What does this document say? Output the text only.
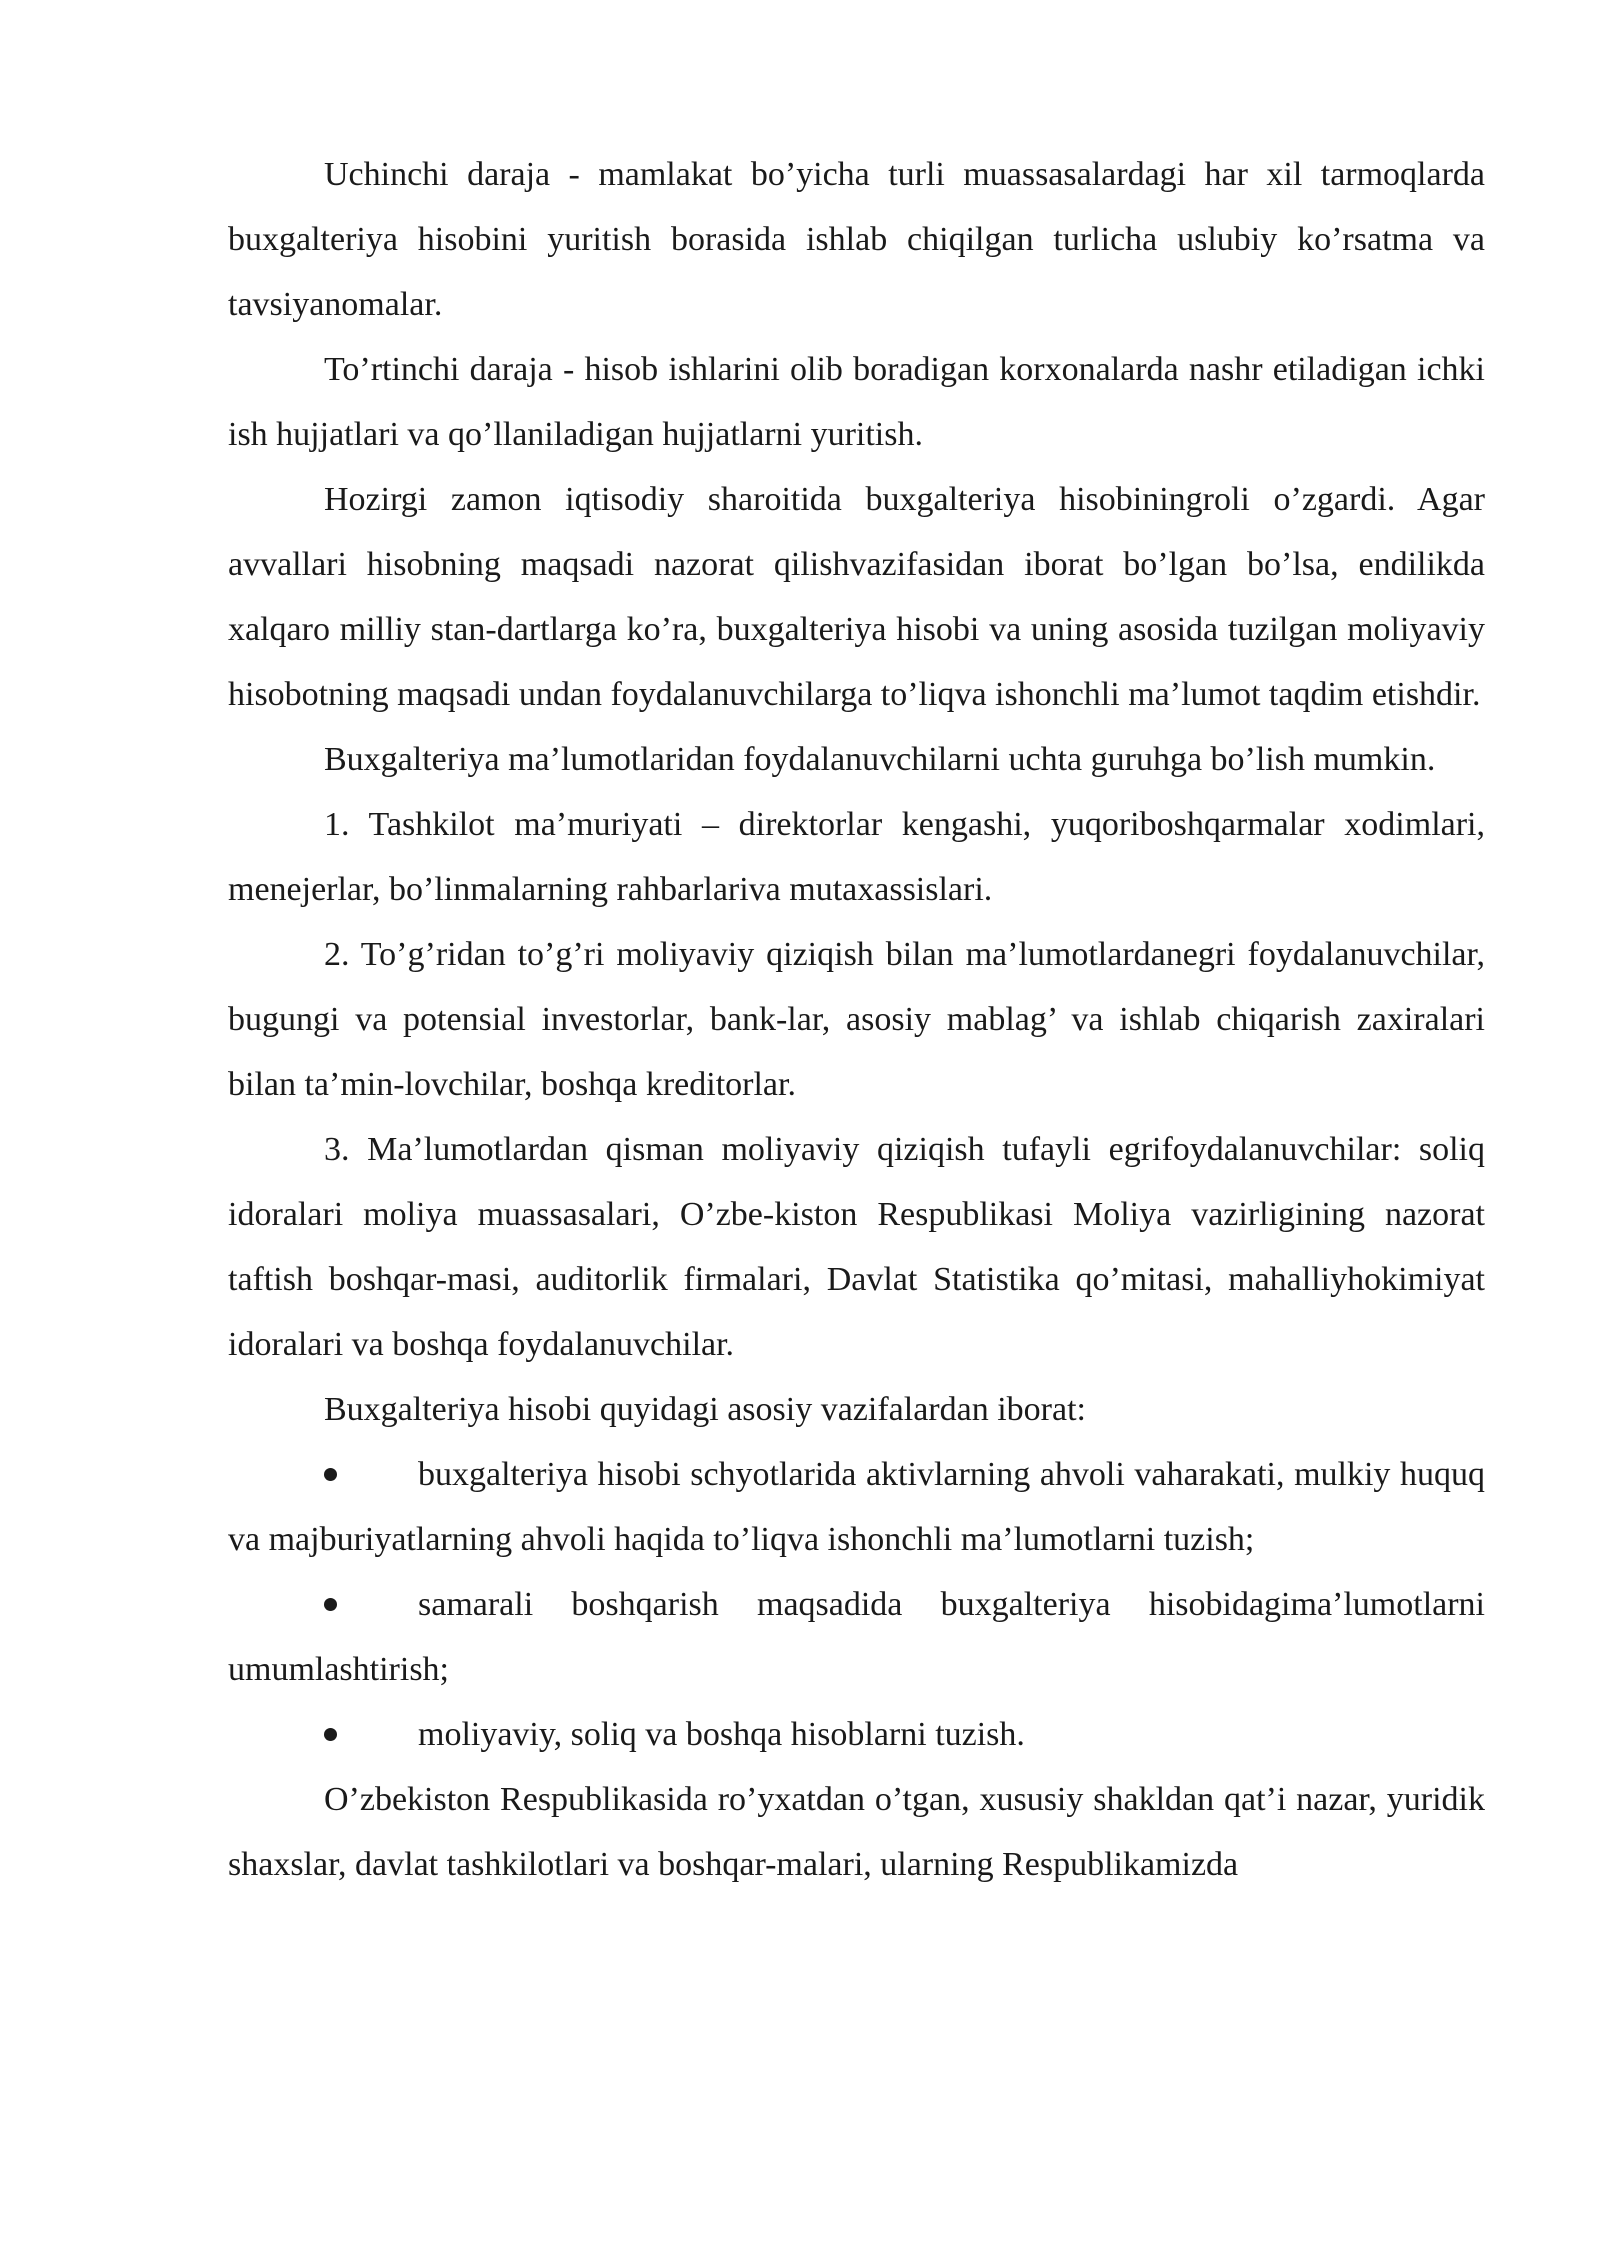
Uchinchi daraja - mamlakat bo’yicha turli muassasalardagi har xil tarmoqlarda buxgalteriya hisobini yuritish borasida ishlab chiqilgan turlicha uslubiy ko’rsatma va tavsiyanomalar.

To’rtinchi daraja - hisob ishlarini olib boradigan korxonalarda nashr etiladigan ichki ish hujjatlari va qo’llaniladigan hujjatlarni yuritish.

Hozirgi zamon iqtisodiy sharoitida buxgalteriya hisobiningroli o’zgardi. Agar avvallari hisobning maqsadi nazorat qilishvazifasidan iborat bo’lgan bo’lsa, endilikda xalqaro milliy stan-dartlarga ko’ra, buxgalteriya hisobi va uning asosida tuzilgan moliyaviy hisobotning maqsadi undan foydalanuvchilarga to’liqva ishonchli ma’lumot taqdim etishdir.

Buxgalteriya ma’lumotlaridan foydalanuvchilarni uchta guruhga bo’lish mumkin.

1. Tashkilot ma’muriyati – direktorlar kengashi, yuqoriboshqarmalar xodimlari, menejerlar, bo’linmalarning rahbarlariva mutaxassislari.

2. To’g’ridan to’g’ri moliyaviy qiziqish bilan ma’lumotlardanegri foydalanuvchilar, bugungi va potensial investorlar, bank-lar, asosiy mablag’ va ishlab chiqarish zaxiralari bilan ta’min-lovchilar, boshqa kreditorlar.

3. Ma’lumotlardan qisman moliyaviy qiziqish tufayli egrifoydalanuvchilar: soliq idoralari moliya muassasalari, O’zbe-kiston Respublikasi Moliya vazirligining nazorat taftish boshqar-masi, auditorlik firmalari, Davlat Statistika qo’mitasi, mahalliyhokimiyat idoralari va boshqa foydalanuvchilar.

Buxgalteriya hisobi quyidagi asosiy vazifalardan iborat:

buxgalteriya hisobi schyotlarida aktivlarning ahvoli vaharakati, mulkiy huquq va majburiyatlarning ahvoli haqida to’liqva ishonchli ma’lumotlarni tuzish;

samarali boshqarish maqsadida buxgalteriya hisobidagima’lumotlarni umumlashtirish;

moliyaviy, soliq va boshqa hisoblarni tuzish.

O’zbekiston Respublikasida ro’yxatdan o’tgan, xususiy shakldan qat’i nazar, yuridik shaxslar, davlat tashkilotlari va boshqar-malari, ularning Respublikamizda
